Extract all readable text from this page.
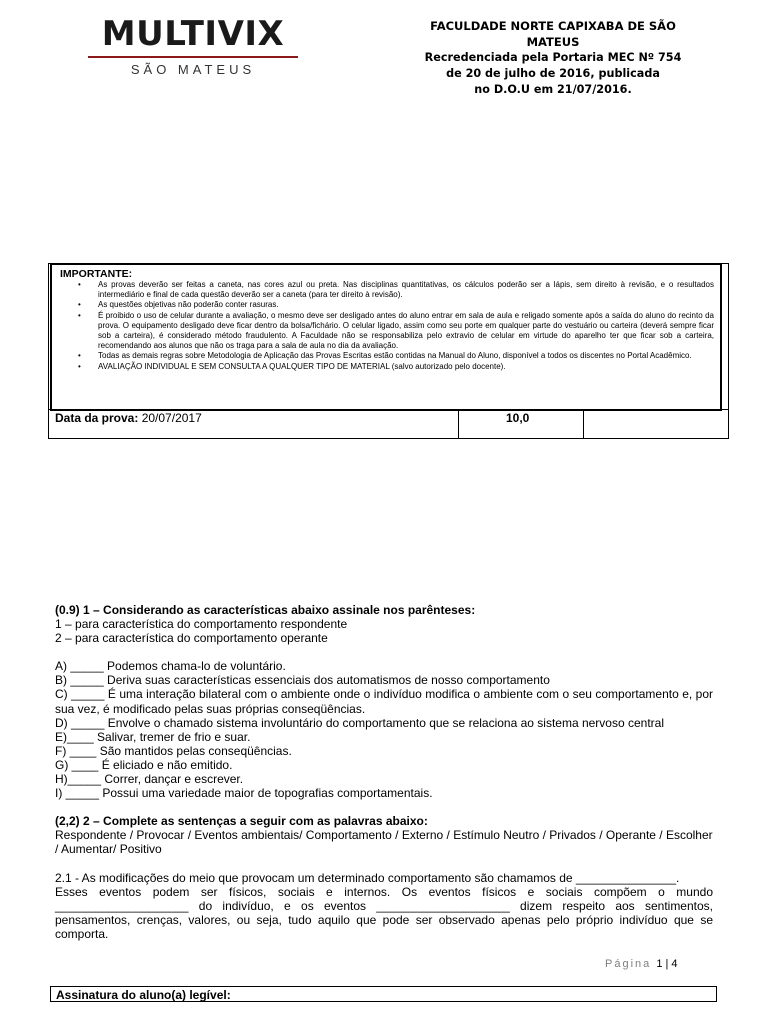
MULTIVIX
SÃO MATEUS
FACULDADE NORTE CAPIXABA DE SÃO MATEUS
Recredenciada pela Portaria MEC Nº 754
de 20 de julho de 2016, publicada
no D.O.U em 21/07/2016.
Data da prova: 20/07/2017	10,0
IMPORTANTE:
• As provas deverão ser feitas a caneta, nas cores azul ou preta. Nas disciplinas quantitativas, os cálculos poderão ser a lápis, sem direito à revisão, e o resultados intermediário e final de cada questão deverão ser a caneta (para ter direito à revisão).
• As questões objetivas não poderão conter rasuras.
• É proibido o uso de celular durante a avaliação, o mesmo deve ser desligado antes do aluno entrar em sala de aula e religado somente após a saída do aluno do recinto da prova. O equipamento desligado deve ficar dentro da bolsa/fichário. O celular ligado, assim como seu porte em qualquer parte do vestuário ou carteira (deverá sempre ficar sob a carteira), é considerado método fraudulento. A Faculdade não se responsabiliza pelo extravio de celular em virtude do aparelho ter que ficar sob a carteira, recomendando aos alunos que não os traga para a sala de aula no dia da avaliação.
• Todas as demais regras sobre Metodologia de Aplicação das Provas Escritas estão contidas na Manual do Aluno, disponível a todos os discentes no Portal Acadêmico.
• AVALIAÇÃO INDIVIDUAL E SEM CONSULTA A QUALQUER TIPO DE MATERIAL (salvo autorizado pelo docente).

(0.9) 1 – Considerando as características abaixo assinale nos parênteses:

1 – para característica do comportamento respondente

2 – para característica do comportamento operante

A) _____ Podemos chama-lo de voluntário.

B) _____ Deriva suas características essenciais dos automatismos de nosso comportamento

C) _____ É uma interação bilateral com o ambiente onde o indivíduo modifica o ambiente com o seu comportamento e, por sua vez, é modificado pelas suas próprias conseqüências.

D) _____ Envolve o chamado sistema involuntário do comportamento que se relaciona ao sistema nervoso central

E)____ Salivar, tremer de frio e suar.

F) ____ São mantidos pelas conseqüências.

G) ____ É eliciado e não emitido.

H)_____ Correr, dançar e escrever.

I) _____ Possui uma variedade maior de topografias comportamentais.

(2,2) 2 – Complete as sentenças a seguir com as palavras abaixo:

Respondente / Provocar / Eventos ambientais/ Comportamento / Externo / Estímulo Neutro / Privados / Operante / Escolher / Aumentar/ Positivo

2.1 - As modificações do meio que provocam um determinado comportamento são chamamos de _______________.

Esses eventos podem ser físicos, sociais e internos. Os eventos físicos e sociais compõem o mundo ____________________ do indivíduo, e os eventos ____________________ dizem respeito aos sentimentos, pensamentos, crenças, valores, ou seja, tudo aquilo que pode ser observado apenas pelo próprio indivíduo que se comporta.

Página 1 | 4
Assinatura do aluno(a) legível:
